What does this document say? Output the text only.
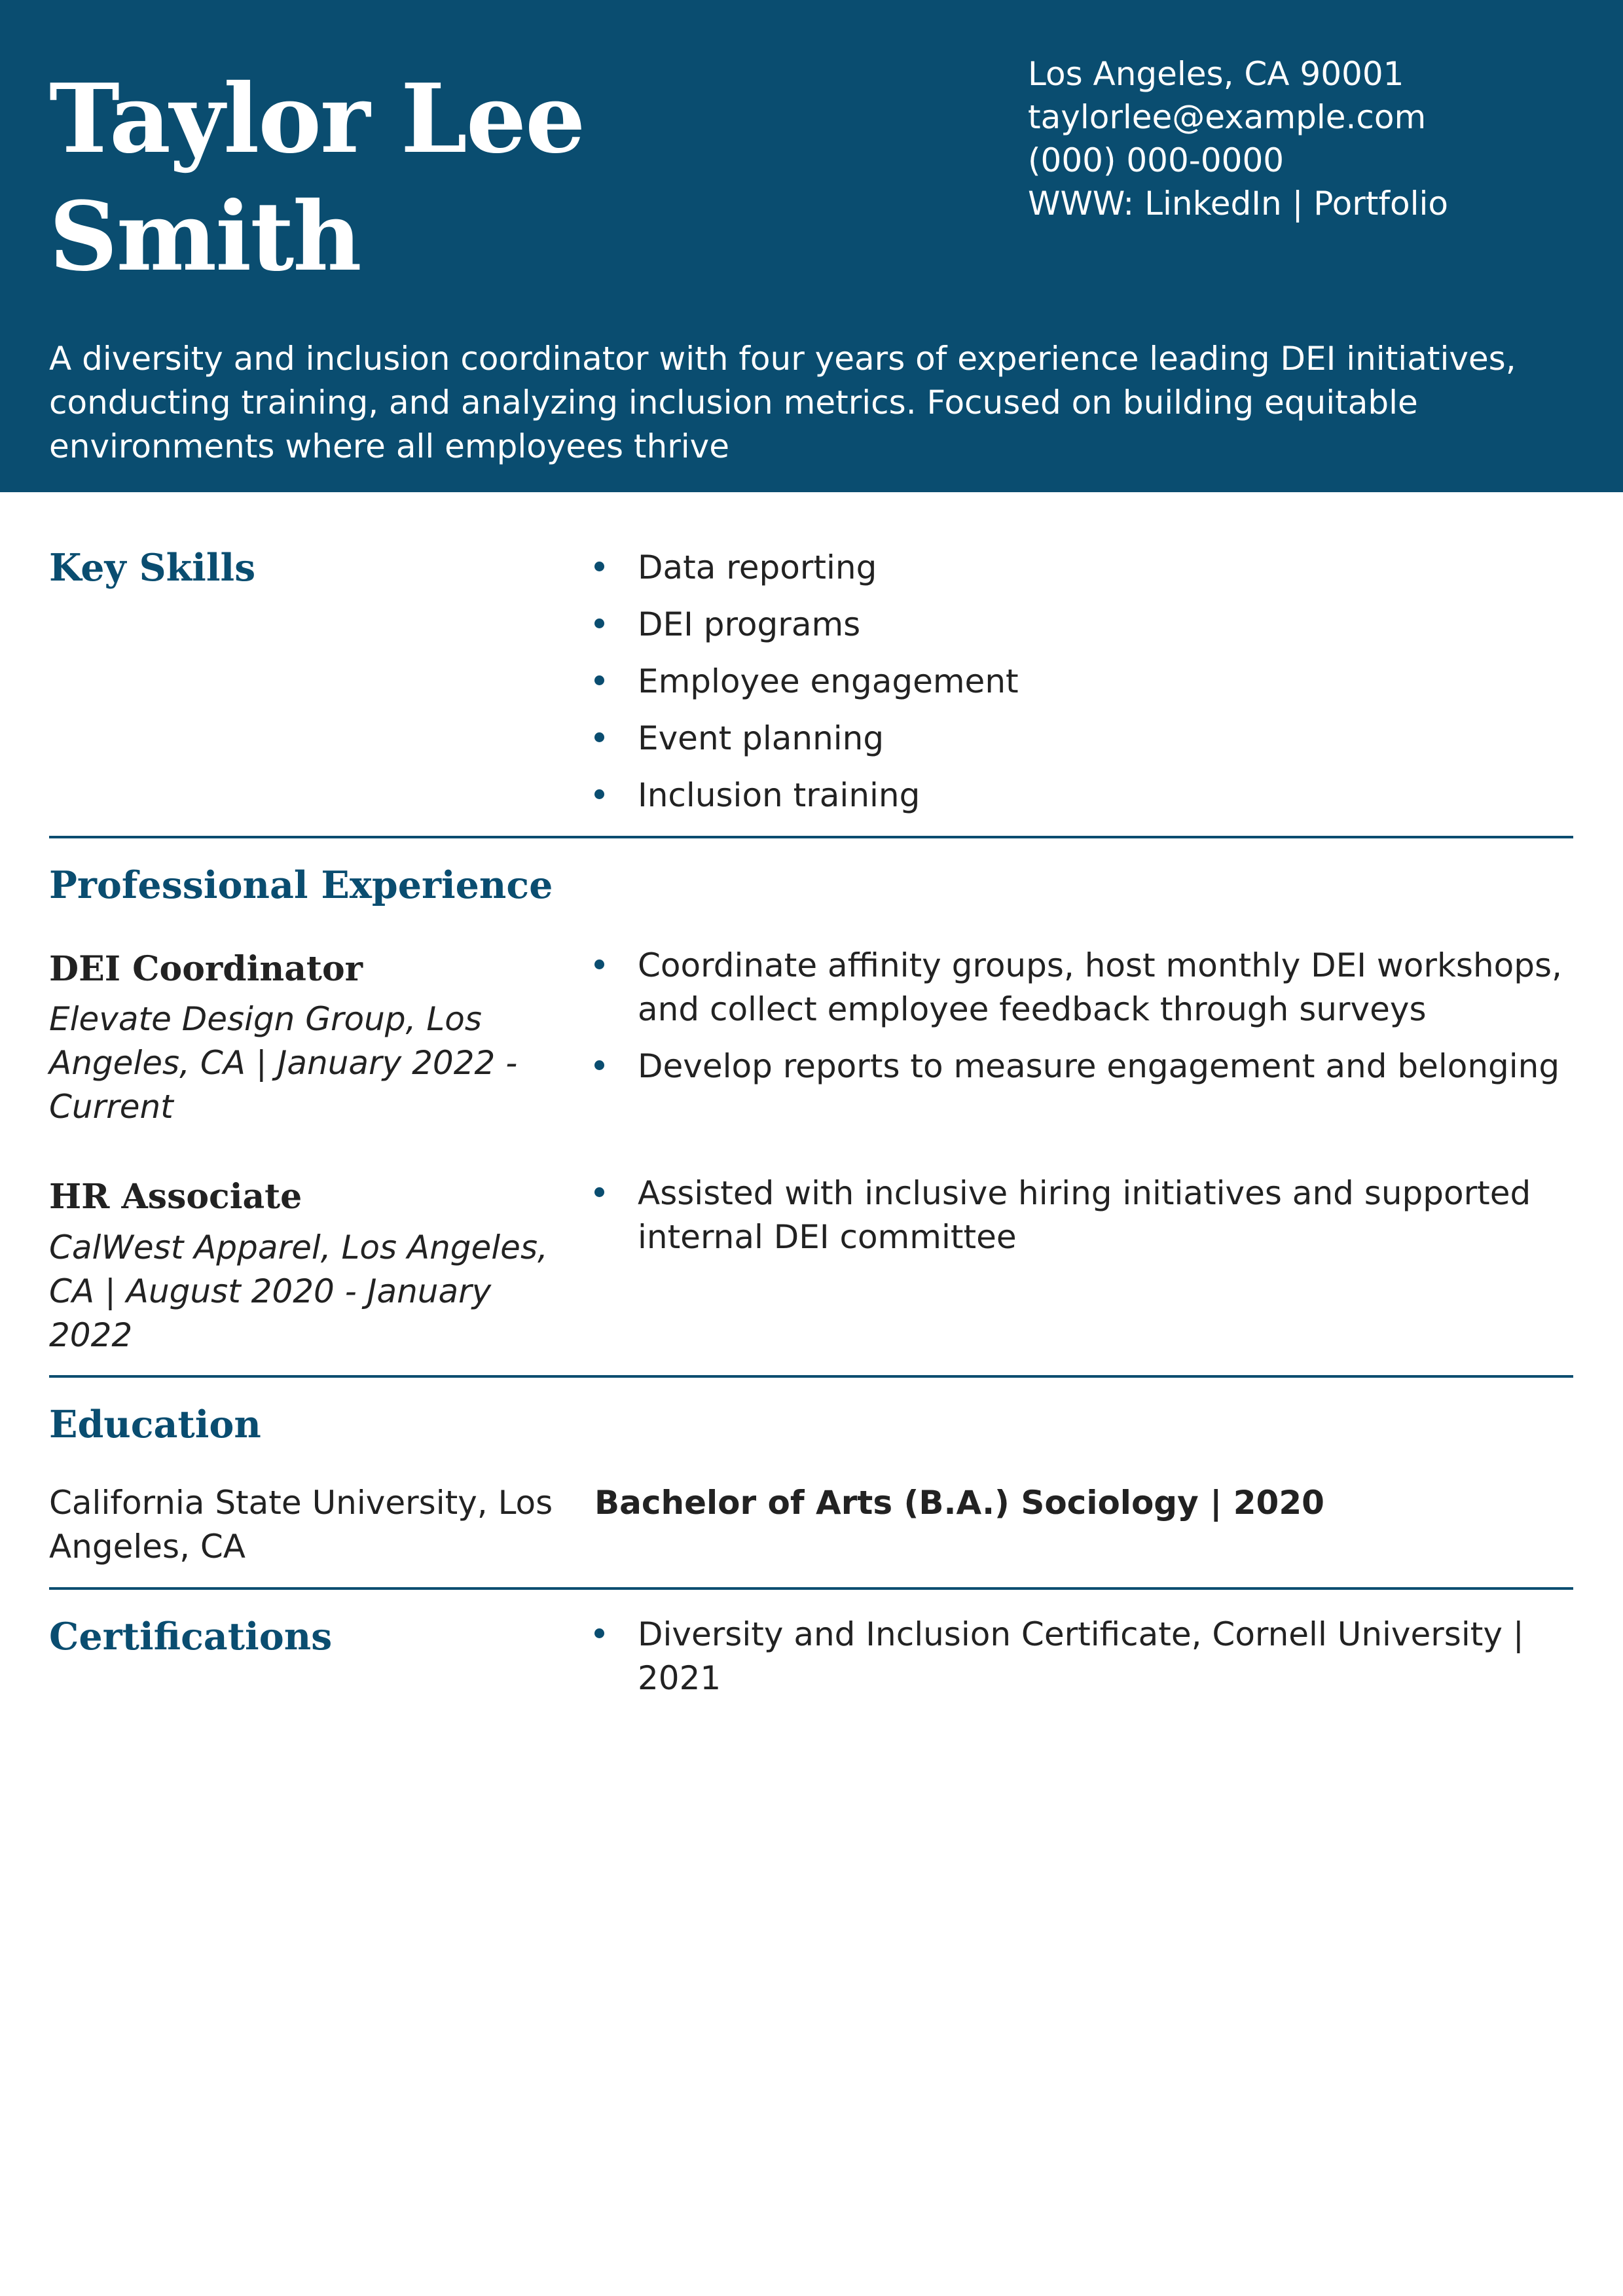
Taylor Lee
Smith
Los Angeles, CA 90001
taylorlee@example.com
(000) 000-0000
WWW: LinkedIn | Portfolio
A diversity and inclusion coordinator with four years of experience leading DEI initiatives, conducting training, and analyzing inclusion metrics. Focused on building equitable environments where all employees thrive
Key Skills	Data reporting
DEI programs
Employee engagement
Event planning
Inclusion training
Professional Experience
DEI Coordinator
Elevate Design Group, Los Angeles, CA | January 2022 - Current
Coordinate affinity groups, host monthly DEI workshops, and collect employee feedback through surveys
Develop reports to measure engagement and belonging
HR Associate
CalWest Apparel, Los Angeles, CA | August 2020 - January 2022
Assisted with inclusive hiring initiatives and supported internal DEI committee
Education
California State University, Los Angeles, CA
Bachelor of Arts (B.A.) Sociology | 2020
Certifications	Diversity and Inclusion Certificate, Cornell University | 2021
